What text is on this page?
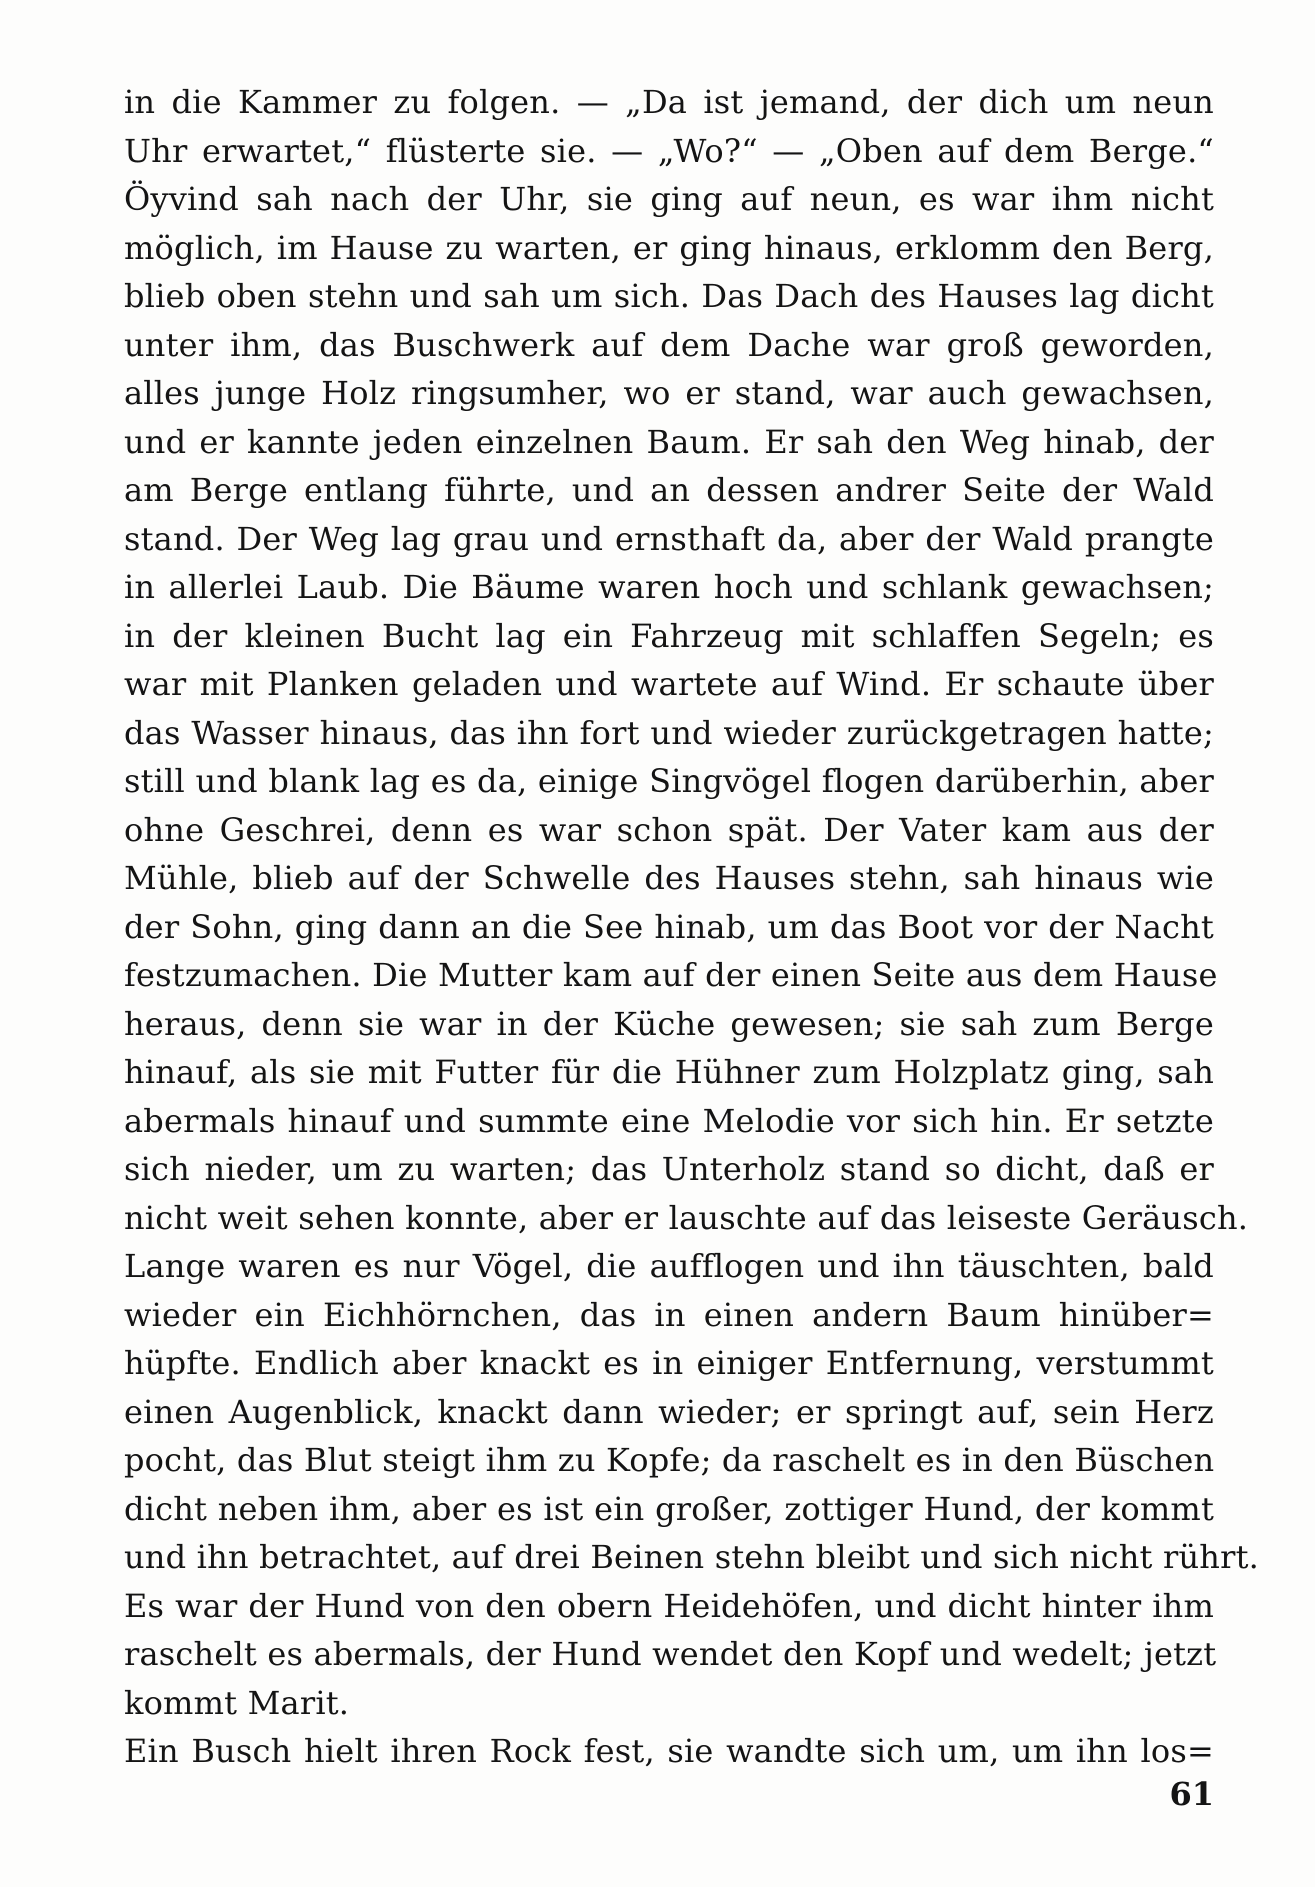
in die Kammer zu folgen. — „Da ist jemand, der dich um neun
Uhr erwartet,“ flüsterte sie. — „Wo?“ — „Oben auf dem Berge.“
Öyvind sah nach der Uhr, sie ging auf neun, es war ihm nicht
möglich, im Hause zu warten, er ging hinaus, erklomm den Berg,
blieb oben stehn und sah um sich. Das Dach des Hauses lag dicht
unter ihm, das Buschwerk auf dem Dache war groß geworden,
alles junge Holz ringsumher, wo er stand, war auch gewachsen,
und er kannte jeden einzelnen Baum. Er sah den Weg hinab, der
am Berge entlang führte, und an dessen andrer Seite der Wald
stand. Der Weg lag grau und ernsthaft da, aber der Wald prangte
in allerlei Laub. Die Bäume waren hoch und schlank gewachsen;
in der kleinen Bucht lag ein Fahrzeug mit schlaffen Segeln; es
war mit Planken geladen und wartete auf Wind. Er schaute über
das Wasser hinaus, das ihn fort und wieder zurückgetragen hatte;
still und blank lag es da, einige Singvögel flogen darüberhin, aber
ohne Geschrei, denn es war schon spät. Der Vater kam aus der
Mühle, blieb auf der Schwelle des Hauses stehn, sah hinaus wie
der Sohn, ging dann an die See hinab, um das Boot vor der Nacht
festzumachen. Die Mutter kam auf der einen Seite aus dem Hause
heraus, denn sie war in der Küche gewesen; sie sah zum Berge
hinauf, als sie mit Futter für die Hühner zum Holzplatz ging, sah
abermals hinauf und summte eine Melodie vor sich hin. Er setzte
sich nieder, um zu warten; das Unterholz stand so dicht, daß er
nicht weit sehen konnte, aber er lauschte auf das leiseste Geräusch.
Lange waren es nur Vögel, die aufflogen und ihn täuschten, bald
wieder ein Eichhörnchen, das in einen andern Baum hinüber=
hüpfte. Endlich aber knackt es in einiger Entfernung, verstummt
einen Augenblick, knackt dann wieder; er springt auf, sein Herz
pocht, das Blut steigt ihm zu Kopfe; da raschelt es in den Büschen
dicht neben ihm, aber es ist ein großer, zottiger Hund, der kommt
und ihn betrachtet, auf drei Beinen stehn bleibt und sich nicht rührt.
Es war der Hund von den obern Heidehöfen, und dicht hinter ihm
raschelt es abermals, der Hund wendet den Kopf und wedelt; jetzt
kommt Marit.
Ein Busch hielt ihren Rock fest, sie wandte sich um, um ihn los=
61
